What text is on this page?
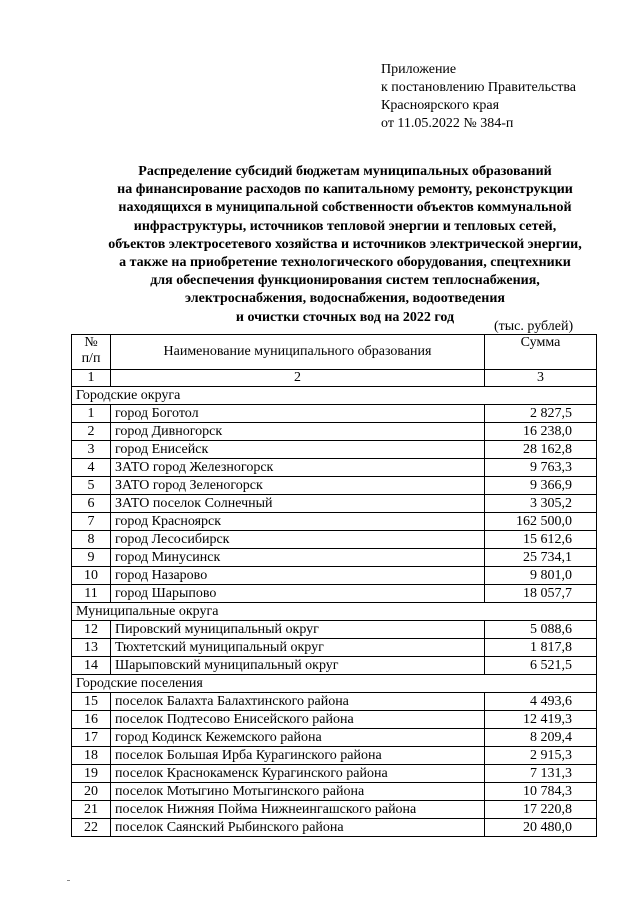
Приложение
к постановлению Правительства
Красноярского края
от 11.05.2022 № 384-п
Распределение субсидий бюджетам муниципальных образований
на финансирование расходов по капитальному ремонту, реконструкции
находящихся в муниципальной собственности объектов коммунальной
инфраструктуры, источников тепловой энергии и тепловых сетей,
объектов электросетевого хозяйства и источников электрической энергии,
а также на приобретение технологического оборудования, спецтехники
для обеспечения функционирования систем теплоснабжения,
электроснабжения, водоснабжения, водоотведения
и очистки сточных вод на 2022 год
(тыс. рублей)
№
п/п	Наименование муниципального образования	Сумма
1	2	3
Городские округа		
1	город Боготол	2 827,5
2	город Дивногорск	16 238,0
3	город Енисейск	28 162,8
4	ЗАТО город Железногорск	9 763,3
5	ЗАТО город Зеленогорск	9 366,9
6	ЗАТО поселок Солнечный	3 305,2
7	город Красноярск	162 500,0
8	город Лесосибирск	15 612,6
9	город Минусинск	25 734,1
10	город Назарово	9 801,0
11	город Шарыпово	18 057,7
Муниципальные округа		
12	Пировский муниципальный округ	5 088,6
13	Тюхтетский муниципальный округ	1 817,8
14	Шарыповский муниципальный округ	6 521,5
Городские поселения		
15	поселок Балахта Балахтинского района	4 493,6
16	поселок Подтесово Енисейского района	12 419,3
17	город Кодинск Кежемского района	8 209,4
18	поселок Большая Ирба Курагинского района	2 915,3
19	поселок Краснокаменск Курагинского района	7 131,3
20	поселок Мотыгино Мотыгинского района	10 784,3
21	поселок Нижняя Пойма Нижнеингашского района	17 220,8
22	поселок Саянский Рыбинского района	20 480,0
